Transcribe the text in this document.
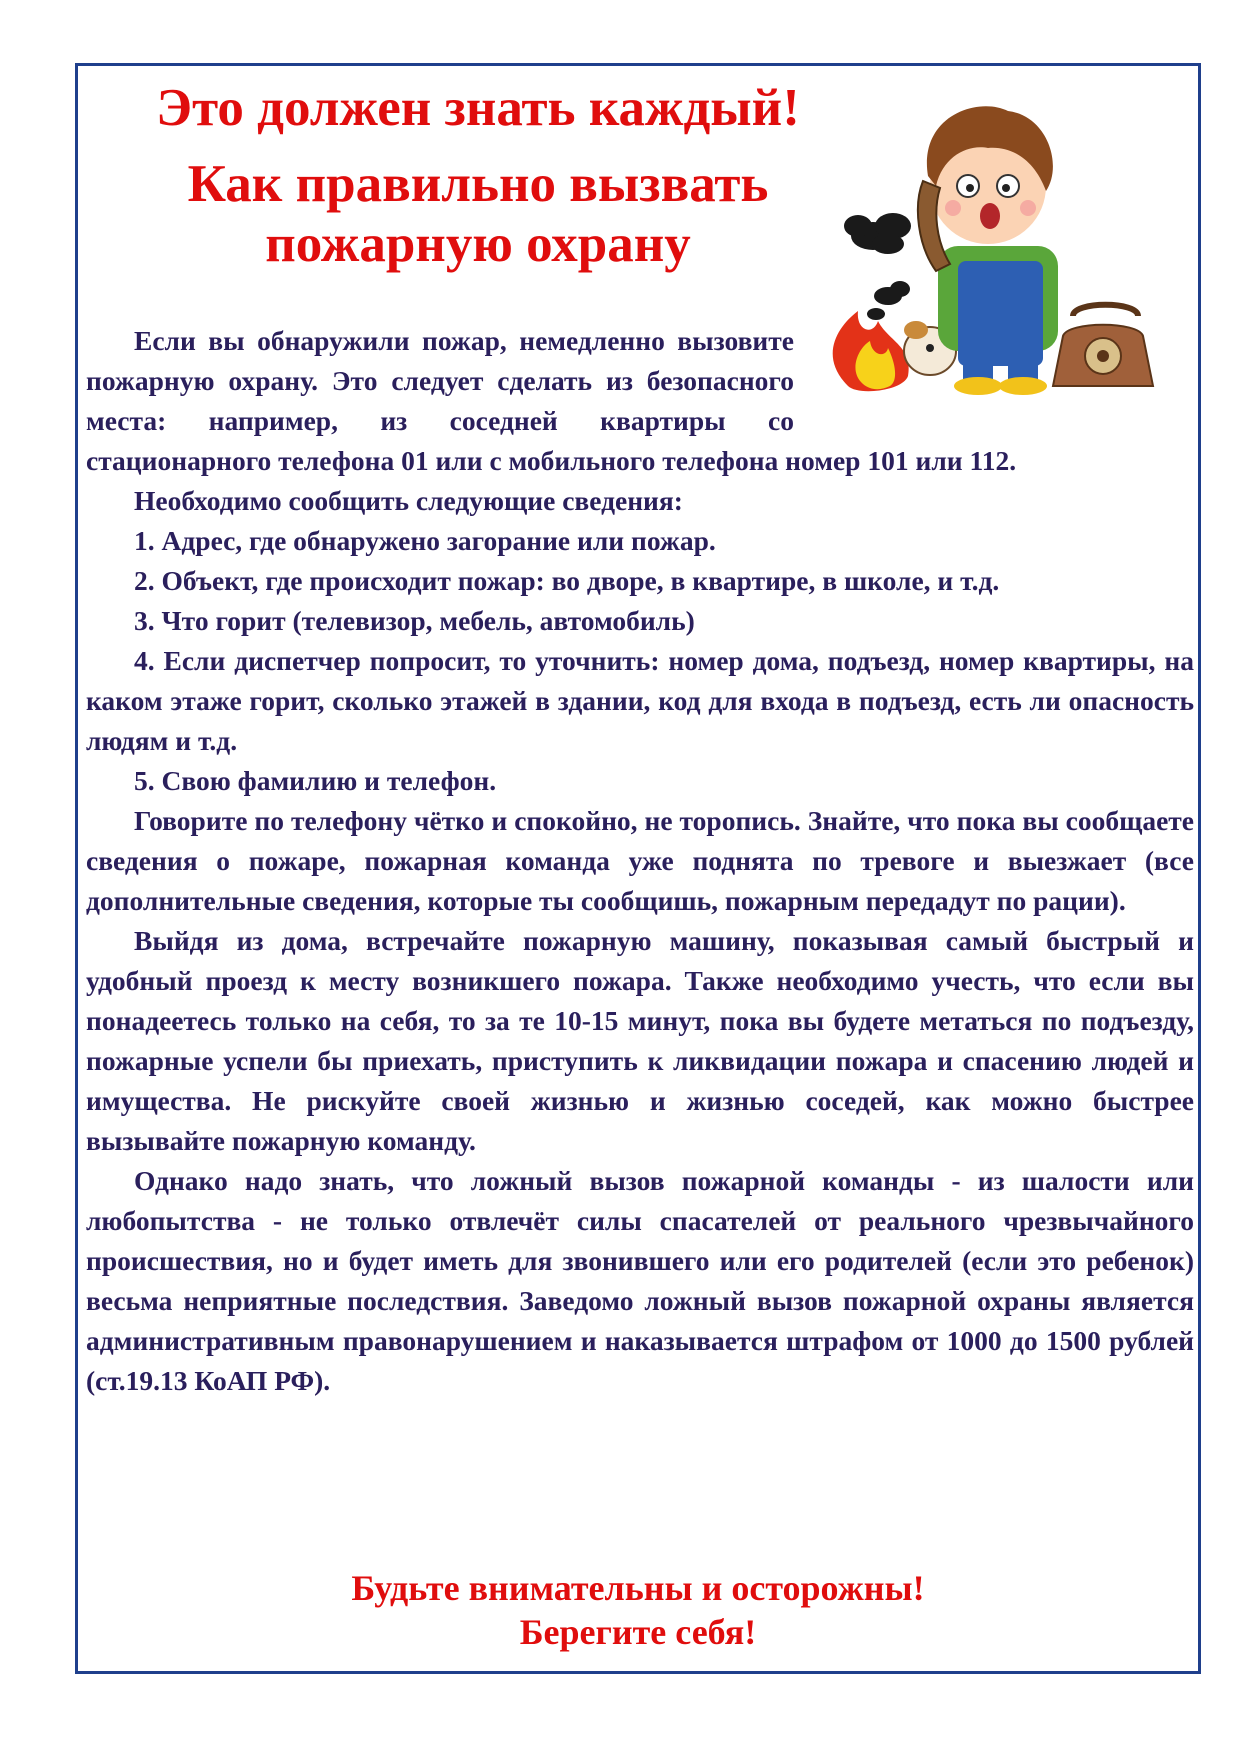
Это должен знать каждый!
Как правильно вызвать
пожарную охрану

Если вы обнаружили пожар, немедленно вызовите пожарную охрану. Это следует сделать из безопасного места: например, из соседней квартиры со стационарного телефона 01 или с мобильного телефона номер 101 или 112.

Необходимо сообщить следующие сведения:

1. Адрес, где обнаружено загорание или пожар.

2. Объект, где происходит пожар: во дворе, в квартире, в школе, и т.д.

3. Что горит (телевизор, мебель, автомобиль)

4. Если диспетчер попросит, то уточнить: номер дома, подъезд, номер квартиры, на каком этаже горит, сколько этажей в здании, код для входа в подъезд, есть ли опасность людям и т.д.

5. Свою фамилию и телефон.

Говорите по телефону чётко и спокойно, не торопись. Знайте, что пока вы сообщаете сведения о пожаре, пожарная команда уже поднята по тревоге и выезжает (все дополнительные сведения, которые ты сообщишь, пожарным передадут по рации).

Выйдя из дома, встречайте пожарную машину, показывая самый быстрый и удобный проезд к месту возникшего пожара. Также необходимо учесть, что если вы понадеетесь только на себя, то за те 10-15 минут, пока вы будете метаться по подъезду, пожарные успели бы приехать, приступить к ликвидации пожара и спасению людей и имущества. Не рискуйте своей жизнью и жизнью соседей, как можно быстрее вызывайте пожарную команду.

Однако надо знать, что ложный вызов пожарной команды - из шалости или любопытства - не только отвлечёт силы спасателей от реального чрезвычайного происшествия, но и будет иметь для звонившего или его родителей (если это ребенок) весьма неприятные последствия. Заведомо ложный вызов пожарной охраны является административным правонарушением и наказывается штрафом от 1000 до 1500 рублей (ст.19.13 КоАП РФ).

Будьте внимательны и осторожны!
Берегите себя!
